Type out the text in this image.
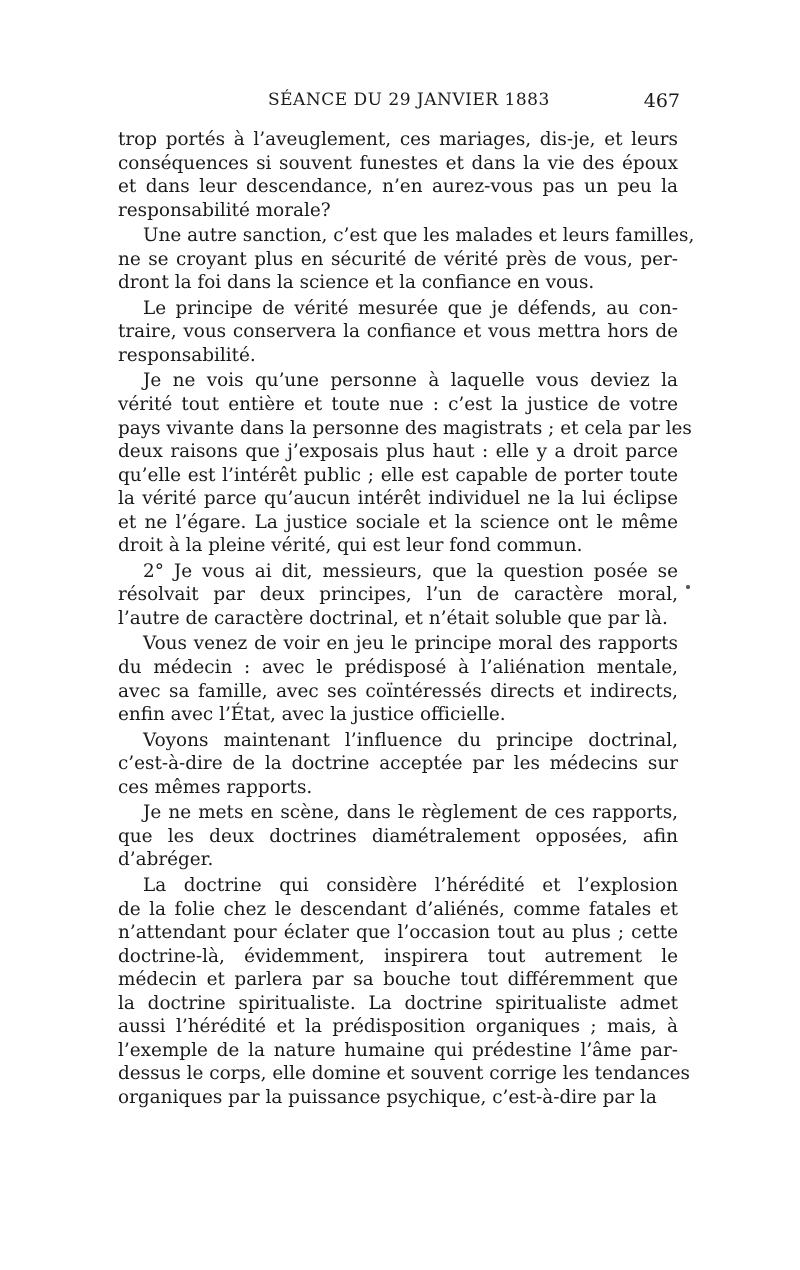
SÉANCE DU 29 JANVIER 1883	467
trop portés à l’aveuglement, ces mariages, dis-je, et leurs
conséquences si souvent funestes et dans la vie des époux
et dans leur descendance, n’en aurez-vous pas un peu la
responsabilité morale?
Une autre sanction, c’est que les malades et leurs familles,
ne se croyant plus en sécurité de vérité près de vous, per-
dront la foi dans la science et la confiance en vous.
Le principe de vérité mesurée que je défends, au con-
traire, vous conservera la confiance et vous mettra hors de
responsabilité.
Je ne vois qu’une personne à laquelle vous deviez la
vérité tout entière et toute nue : c’est la justice de votre
pays vivante dans la personne des magistrats ; et cela par les
deux raisons que j’exposais plus haut : elle y a droit parce
qu’elle est l’intérêt public ; elle est capable de porter toute
la vérité parce qu’aucun intérêt individuel ne la lui éclipse
et ne l’égare. La justice sociale et la science ont le même
droit à la pleine vérité, qui est leur fond commun.
2° Je vous ai dit, messieurs, que la question posée se
résolvait par deux principes, l’un de caractère moral,
l’autre de caractère doctrinal, et n’était soluble que par là.
Vous venez de voir en jeu le principe moral des rapports
du médecin : avec le prédisposé à l’aliénation mentale,
avec sa famille, avec ses coïntéressés directs et indirects,
enfin avec l’État, avec la justice officielle.
Voyons maintenant l’influence du principe doctrinal,
c’est-à-dire de la doctrine acceptée par les médecins sur
ces mêmes rapports.
Je ne mets en scène, dans le règlement de ces rapports,
que les deux doctrines diamétralement opposées, afin
d’abréger.
La doctrine qui considère l’hérédité et l’explosion
de la folie chez le descendant d’aliénés, comme fatales et
n’attendant pour éclater que l’occasion tout au plus ; cette
doctrine-là, évidemment, inspirera tout autrement le
médecin et parlera par sa bouche tout différemment que
la doctrine spiritualiste. La doctrine spiritualiste admet
aussi l’hérédité et la prédisposition organiques ; mais, à
l’exemple de la nature humaine qui prédestine l’âme par-
dessus le corps, elle domine et souvent corrige les tendances
organiques par la puissance psychique, c’est-à-dire par la
